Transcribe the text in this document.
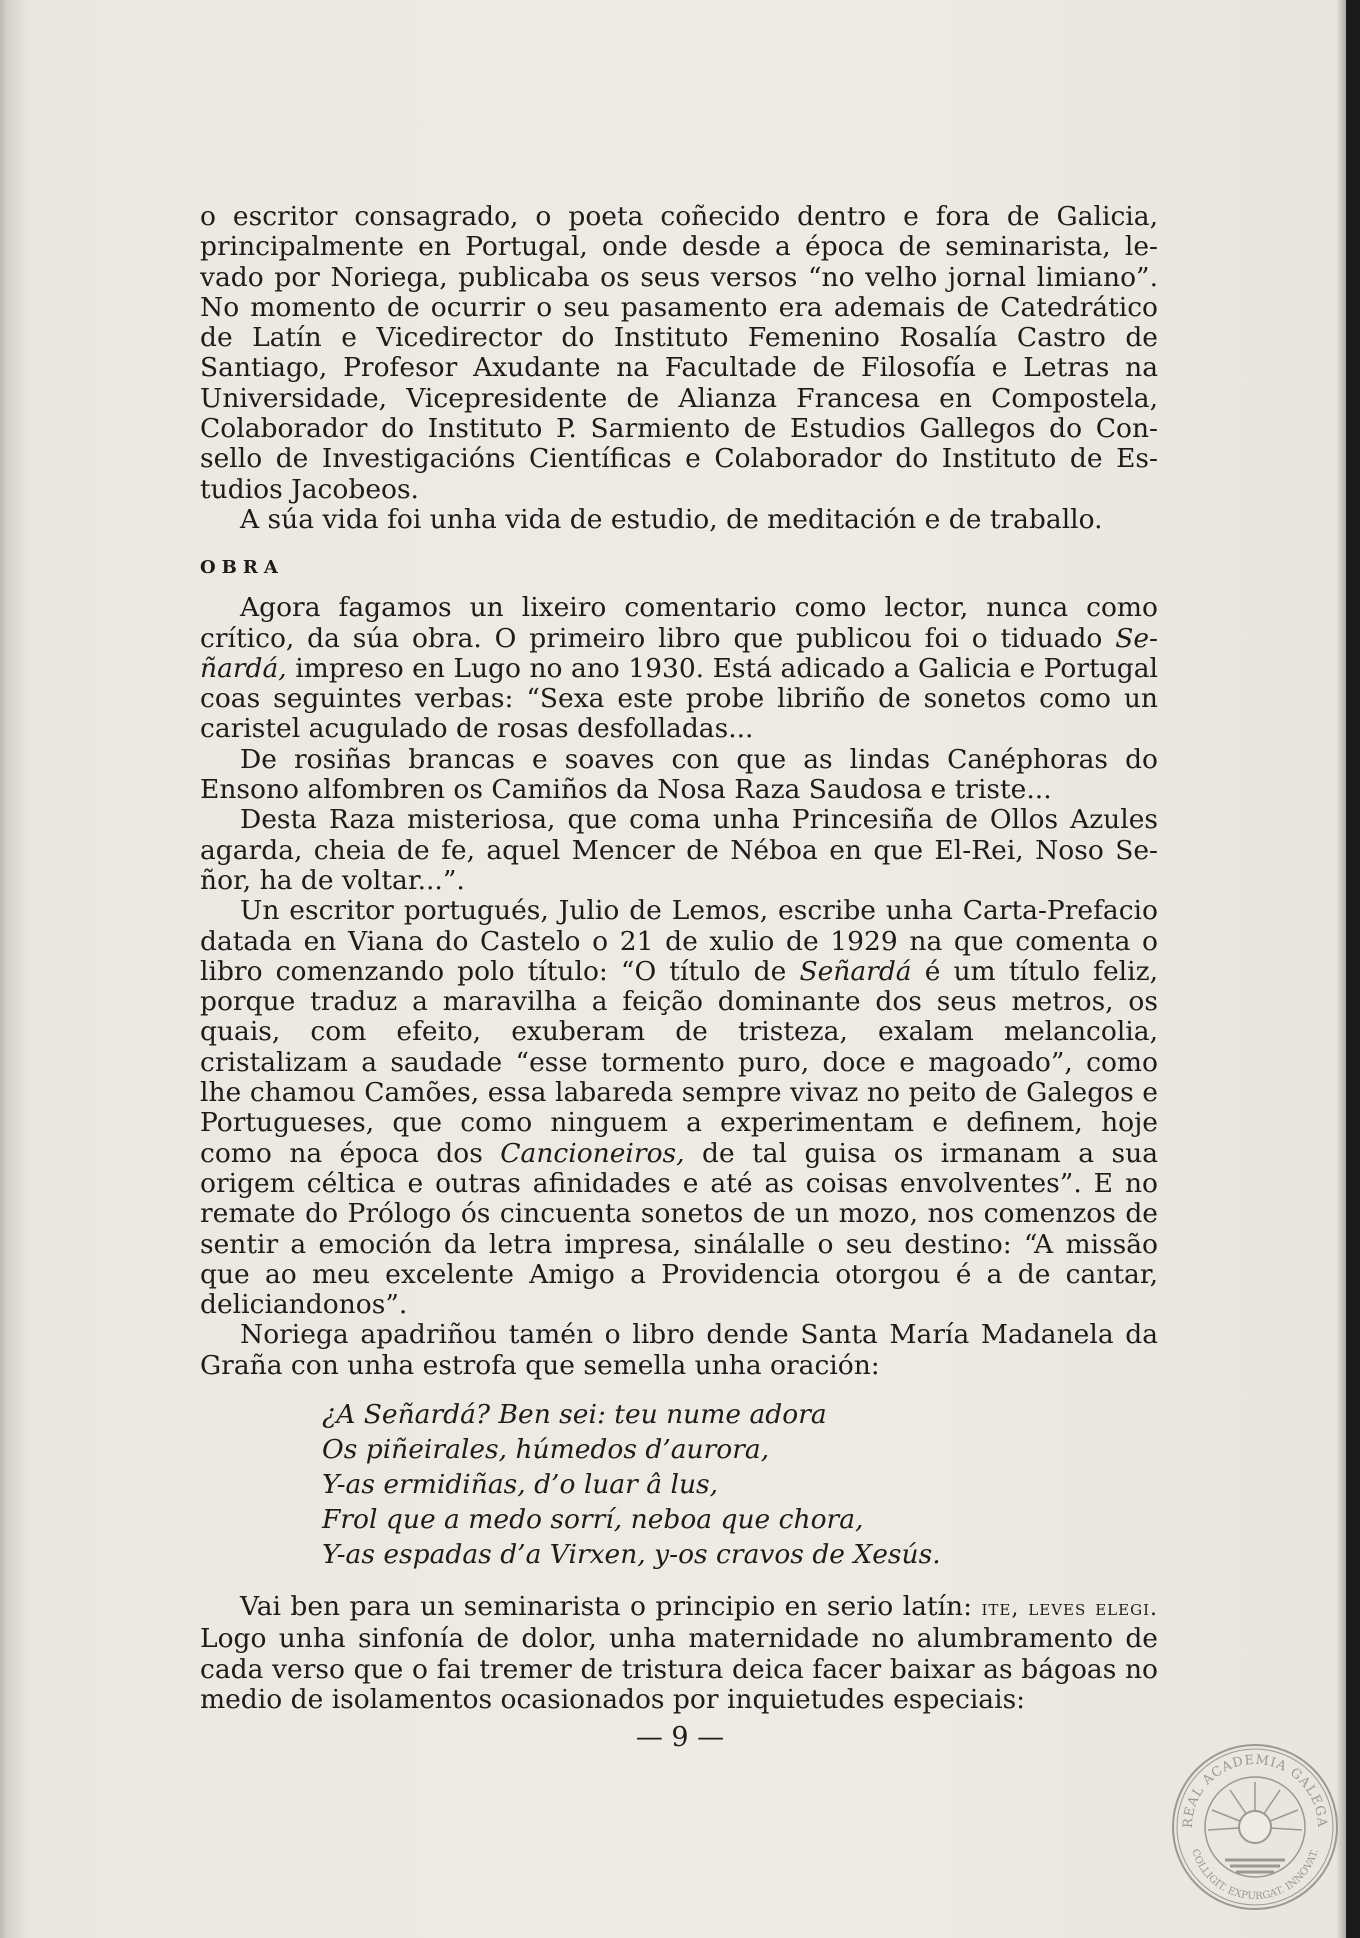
o escritor consagrado, o poeta coñecido dentro e fora de Galicia, principalmente en Portugal, onde desde a época de seminarista, levado por Noriega, publicaba os seus versos “no velho jornal limiano”. No momento de ocurrir o seu pasamento era ademais de Catedrático de Latín e Vicedirector do Instituto Femenino Rosalía Castro de Santiago, Profesor Axudante na Facultade de Filosofía e Letras na Universidade, Vicepresidente de Alianza Francesa en Compostela, Colaborador do Instituto P. Sarmiento de Estudios Gallegos do Consello de Investigacións Científicas e Colaborador do Instituto de Estudios Jacobeos.

A súa vida foi unha vida de estudio, de meditación e de traballo.

OBRA

Agora fagamos un lixeiro comentario como lector, nunca como crítico, da súa obra. O primeiro libro que publicou foi o tiduado Señardá, impreso en Lugo no ano 1930. Está adicado a Galicia e Portugal coas seguintes verbas: “Sexa este probe libriño de sonetos como un caristel acugulado de rosas desfolladas...

De rosiñas brancas e soaves con que as lindas Canéphoras do Ensono alfombren os Camiños da Nosa Raza Saudosa e triste...

Desta Raza misteriosa, que coma unha Princesiña de Ollos Azules agarda, cheia de fe, aquel Mencer de Néboa en que El-Rei, Noso Señor, ha de voltar...”.

Un escritor portugués, Julio de Lemos, escribe unha Carta-Prefacio datada en Viana do Castelo o 21 de xulio de 1929 na que comenta o libro comenzando polo título: “O título de Señardá é um título feliz, porque traduz a maravilha a feição dominante dos seus metros, os quais, com efeito, exuberam de tristeza, exalam melancolia, cristalizam a saudade “esse tormento puro, doce e magoado”, como lhe chamou Camões, essa labareda sempre vivaz no peito de Galegos e Portugueses, que como ninguem a experimentam e definem, hoje como na época dos Cancioneiros, de tal guisa os irmanam a sua origem céltica e outras afinidades e até as coisas envolventes”. E no remate do Prólogo ós cincuenta sonetos de un mozo, nos comenzos de sentir a emoción da letra impresa, sinálalle o seu destino: “A missão que ao meu excelente Amigo a Providencia otorgou é a de cantar, deliciandonos”.

Noriega apadriñou tamén o libro dende Santa María Madanela da Graña con unha estrofa que semella unha oración:

¿A Señardá? Ben sei: teu nume adora
Os piñeirales, húmedos d’aurora,
Y-as ermidiñas, d’o luar â lus,
Frol que a medo sorrí, neboa que chora,
Y-as espadas d’a Virxen, y-os cravos de Xesús.

Vai ben para un seminarista o principio en serio latín: ite, leves elegi. Logo unha sinfonía de dolor, unha maternidade no alumbramento de cada verso que o fai tremer de tristura deica facer baixar as bágoas no medio de isolamentos ocasionados por inquietudes especiais:

— 9 —
REAL ACADEMIA GALEGA
COLLIGIT. EXPURGAT. INNOVAT.
